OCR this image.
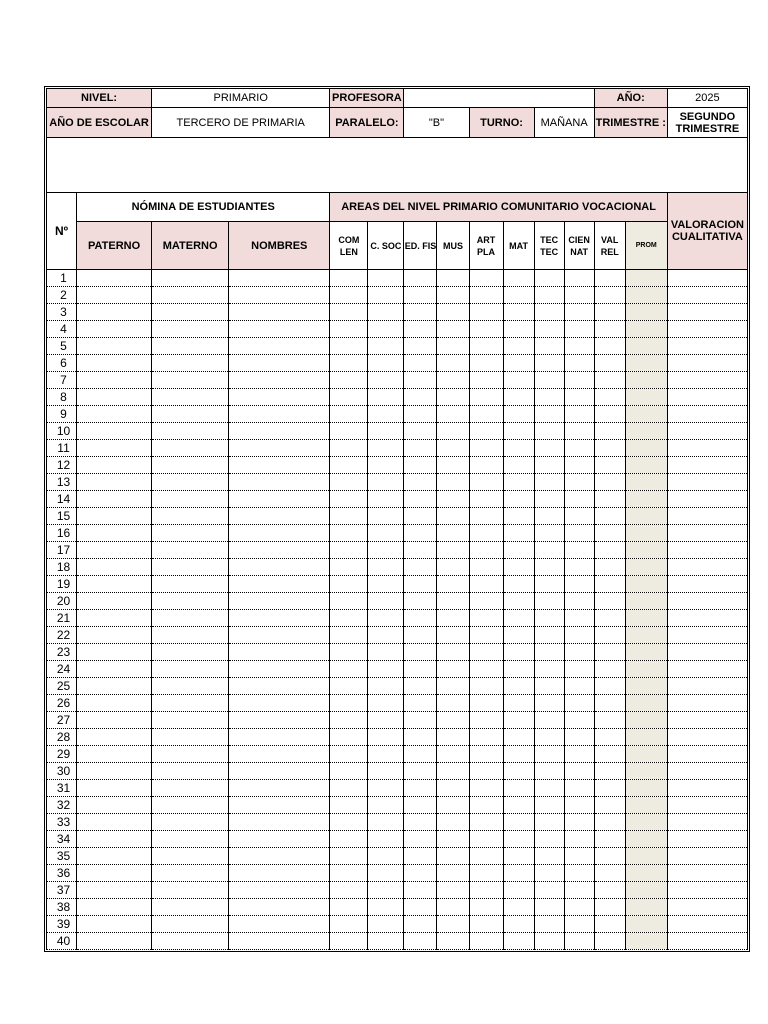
NIVEL:		PRIMARIO		PROFESORA								AÑO:		2025
AÑO DE ESCOLAR		TERCERO DE PRIMARIA		PARALELO:		"B"		TURNO:		MAÑANA		TRIMESTRE :		SEGUNDO TRIMESTRE

Nº	NÓMINA DE ESTUDIANTES			AREAS DEL NIVEL PRIMARIO COMUNITARIO VOCACIONAL										VALORACION CUALITATIVA
	PATERNO	MATERNO	NOMBRES	COM LEN	C. SOC	ED. FIS	MUS	ART PLA	MAT	TEC TEC	CIEN NAT	VAL REL	PROM	
1														
2														
3														
4														
5														
6														
7														
8														
9														
10														
11														
12														
13														
14														
15														
16														
17														
18														
19														
20														
21														
22														
23														
24														
25														
26														
27														
28														
29														
30														
31														
32														
33														
34														
35														
36														
37														
38														
39														
40														
